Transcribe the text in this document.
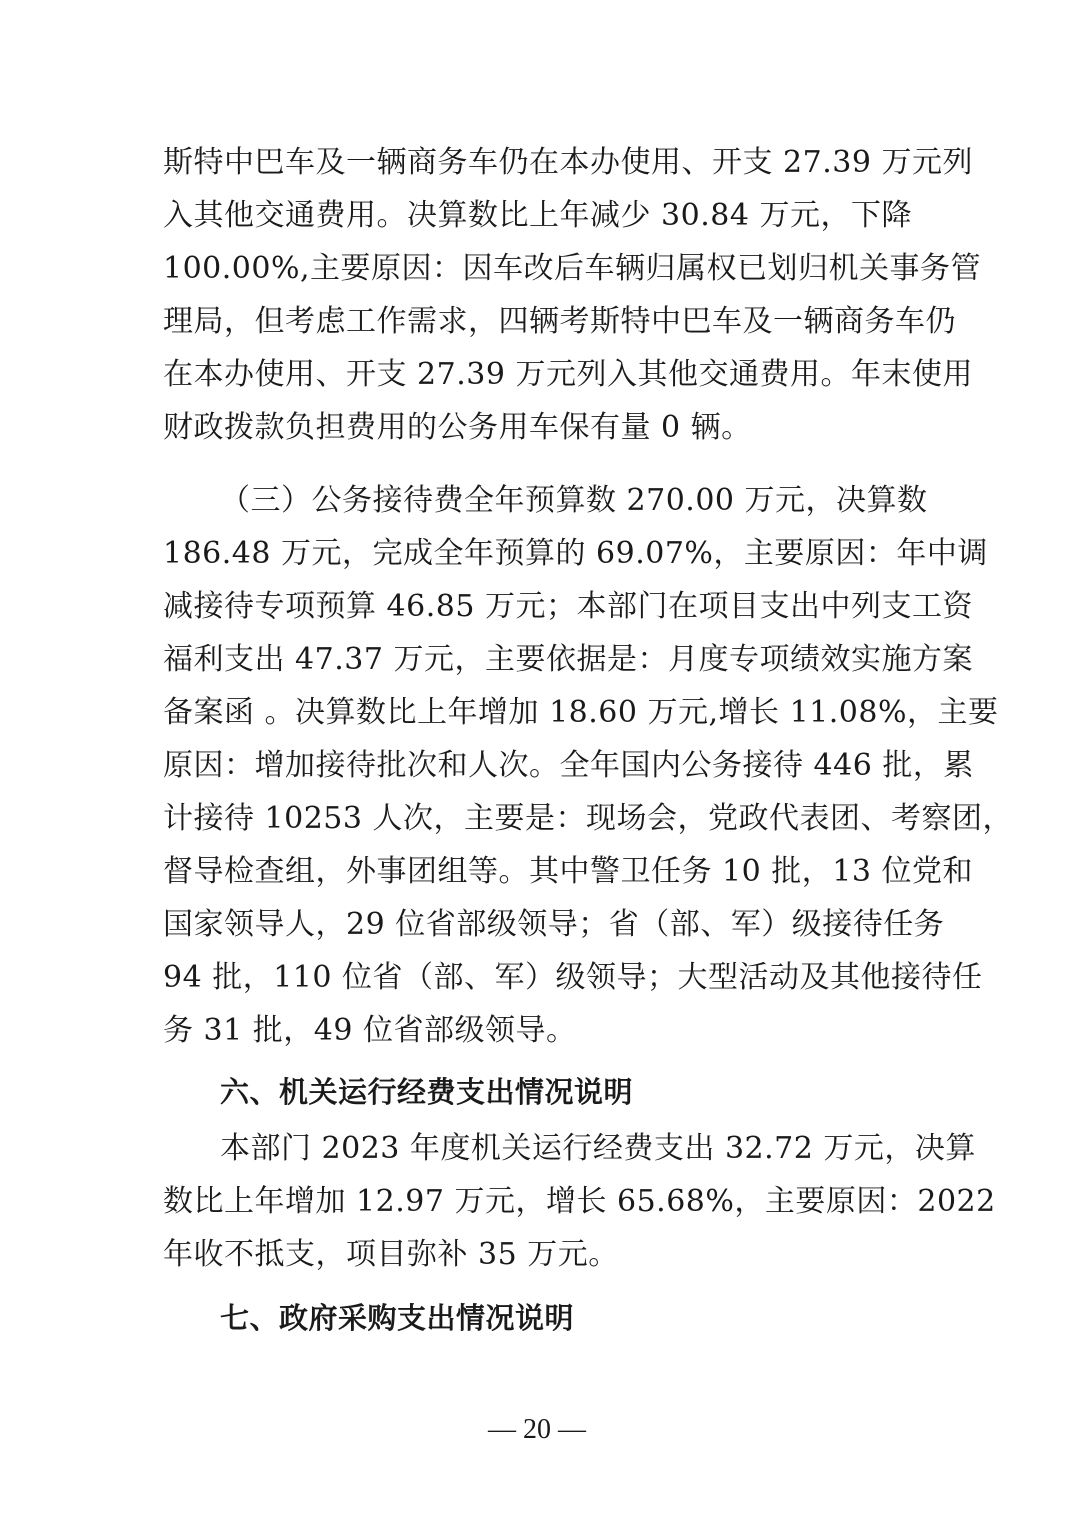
斯特中巴车及一辆商务车仍在本办使用、开支 27.39 万元列
入其他交通费用。决算数比上年减少 30.84 万元，下降
100.00%,主要原因：因车改后车辆归属权已划归机关事务管
理局，但考虑工作需求，四辆考斯特中巴车及一辆商务车仍
在本办使用、开支 27.39 万元列入其他交通费用。年末使用
财政拨款负担费用的公务用车保有量 0 辆。
（三）公务接待费全年预算数 270.00 万元，决算数
186.48 万元，完成全年预算的 69.07%，主要原因：年中调
减接待专项预算 46.85 万元；本部门在项目支出中列支工资
福利支出 47.37 万元，主要依据是：月度专项绩效实施方案
备案函 。决算数比上年增加 18.60 万元,增长 11.08%，主要
原因：增加接待批次和人次。全年国内公务接待 446 批，累
计接待 10253 人次，主要是：现场会，党政代表团、考察团，
督导检查组，外事团组等。其中警卫任务 10 批，13 位党和
国家领导人，29 位省部级领导；省（部、军）级接待任务
94 批，110 位省（部、军）级领导；大型活动及其他接待任
务 31 批，49 位省部级领导。
六、机关运行经费支出情况说明
本部门 2023 年度机关运行经费支出 32.72 万元，决算
数比上年增加 12.97 万元，增长 65.68%，主要原因：2022
年收不抵支，项目弥补 35 万元。
七、政府采购支出情况说明
— 20 —
